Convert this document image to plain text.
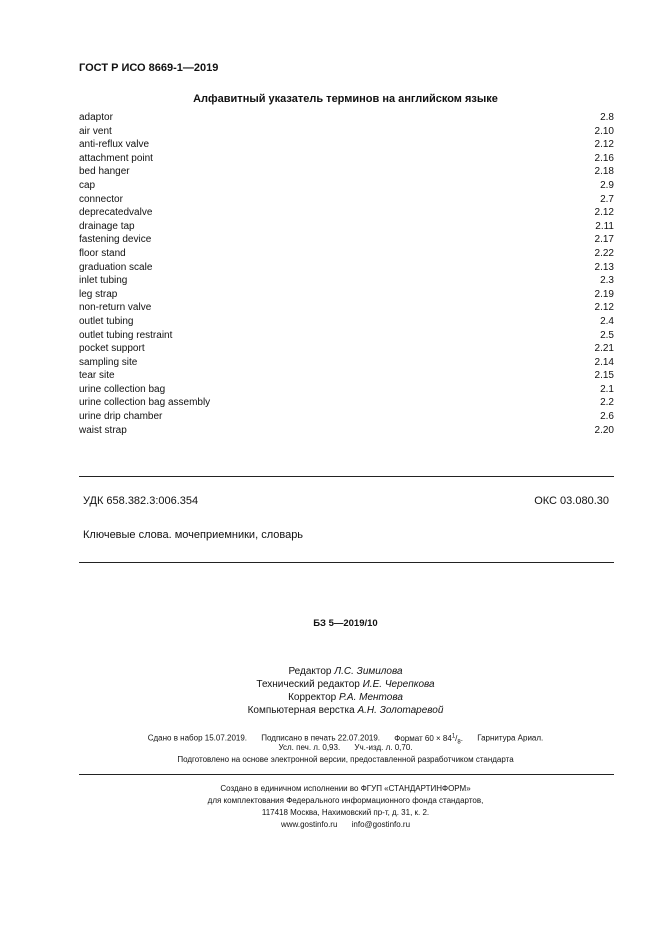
ГОСТ Р ИСО 8669-1—2019
Алфавитный указатель терминов на английском языке
adaptor	2.8
air vent	2.10
anti-reflux valve	2.12
attachment point	2.16
bed hanger	2.18
cap	2.9
connector	2.7
deprecatedvalve	2.12
drainage tap	2.11
fastening device	2.17
floor stand	2.22
graduation scale	2.13
inlet tubing	2.3
leg strap	2.19
non-return valve	2.12
outlet tubing	2.4
outlet tubing restraint	2.5
pocket support	2.21
sampling site	2.14
tear site	2.15
urine collection bag	2.1
urine collection bag assembly	2.2
urine drip chamber	2.6
waist strap	2.20
УДК 658.382.3:006.354	ОКС 03.080.30
Ключевые слова. мочеприемники, словарь
БЗ 5—2019/10
Редактор Л.С. Зимилова
Технический редактор И.Е. Черепкова
Корректор Р.А. Ментова
Компьютерная верстка А.Н. Золотаревой
Сдано в набор 15.07.2019. Подписано в печать 22.07.2019. Формат $60 \times 84^1/_8$. Гарнитура Ариал.
Усл. печ. л. 0,93. Уч.-изд. л. 0,70.
Подготовлено на основе электронной версии, предоставленной разработчиком стандарта
Создано в единичном исполнении во ФГУП «СТАНДАРТИНФОРМ»
для комплектования Федерального информационного фонда стандартов,
117418 Москва, Нахимовский пр-т, д. 31, к. 2.
www.gostinfo.ru info@gostinfo.ru
